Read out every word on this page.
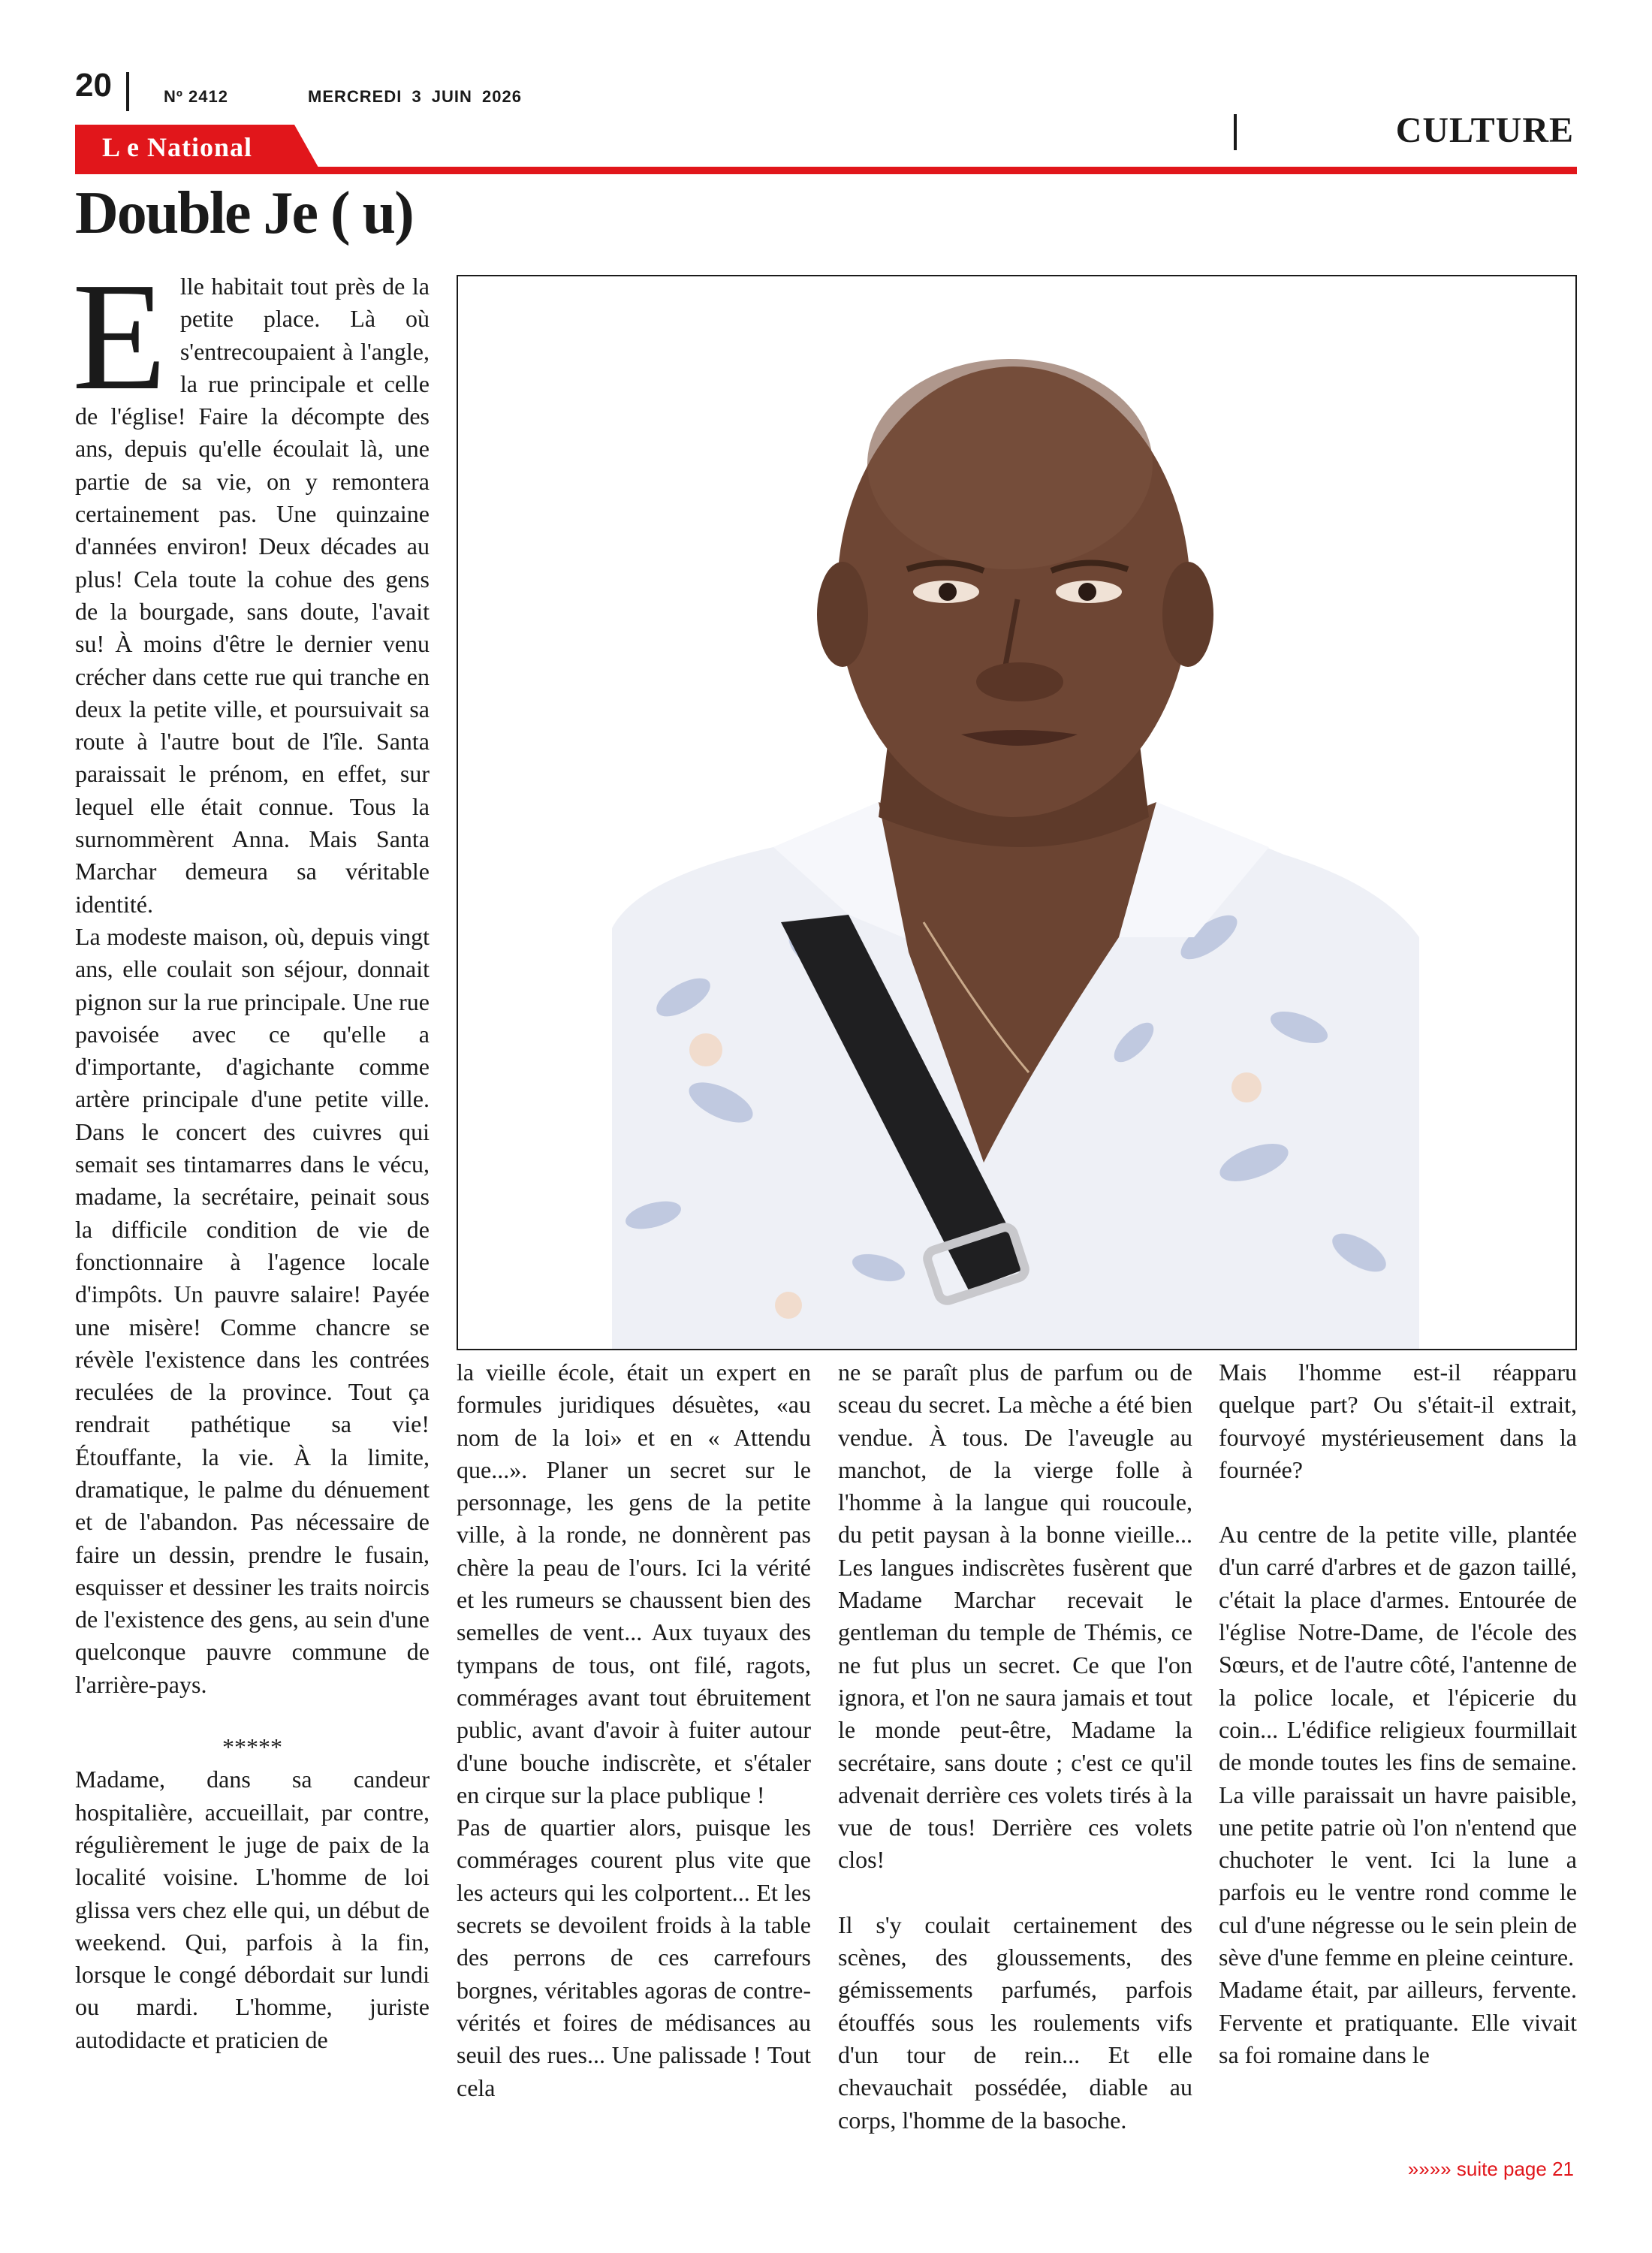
20	Nº 2412	MERCREDI 3 JUIN 2026
CULTURE
L e National
Double Je ( u)

Elle habitait tout près de la petite place. Là où s'entrecoupaient à l'angle, la rue principale et celle de l'église! Faire la décompte des ans, depuis qu'elle écoulait là, une partie de sa vie, on y remontera certainement pas. Une quinzaine d'années environ! Deux décades au plus! Cela toute la cohue des gens de la bourgade, sans doute, l'avait su! À moins d'être le dernier venu crécher dans cette rue qui tranche en deux la petite ville, et poursuivait sa route à l'autre bout de l'île. Santa paraissait le prénom, en effet, sur lequel elle était connue. Tous la surnommèrent Anna. Mais Santa Marchar demeura sa véritable identité.

La modeste maison, où, depuis vingt ans, elle coulait son séjour, donnait pignon sur la rue principale. Une rue pavoisée avec ce qu'elle a d'importante, d'agichante comme artère principale d'une petite ville. Dans le concert des cuivres qui semait ses tintamarres dans le vécu, madame, la secrétaire, peinait sous la difficile condition de vie de fonctionnaire à l'agence locale d'impôts. Un pauvre salaire! Payée une misère! Comme chancre se révèle l'existence dans les contrées reculées de la province. Tout ça rendrait pathétique sa vie! Étouffante, la vie. À la limite, dramatique, le palme du dénuement et de l'abandon. Pas nécessaire de faire un dessin, prendre le fusain, esquisser et dessiner les traits noircis de l'existence des gens, au sein d'une quelconque pauvre commune de l'arrière-pays.

*****

Madame, dans sa candeur hospitalière, accueillait, par contre, régulièrement le juge de paix de la localité voisine. L'homme de loi glissa vers chez elle qui, un début de weekend. Qui, parfois à la fin, lorsque le congé débordait sur lundi ou mardi. L'homme, juriste autodidacte et praticien de

la vieille école, était un expert en formules juridiques désuètes, «au nom de la loi» et en « Attendu que...». Planer un secret sur le personnage, les gens de la petite ville, à la ronde, ne donnèrent pas chère la peau de l'ours. Ici la vérité et les rumeurs se chaussent bien des semelles de vent... Aux tuyaux des tympans de tous, ont filé, ragots, commérages avant tout ébruitement public, avant d'avoir à fuiter autour d'une bouche indiscrète, et s'étaler en cirque sur la place publique !

Pas de quartier alors, puisque les commérages courent plus vite que les acteurs qui les colportent... Et les secrets se devoilent froids à la table des perrons de ces carrefours borgnes, véritables agoras de contre-vérités et foires de médisances au seuil des rues... Une palissade ! Tout cela

ne se paraît plus de parfum ou de sceau du secret. La mèche a été bien vendue. À tous. De l'aveugle au manchot, de la vierge folle à l'homme à la langue qui roucoule, du petit paysan à la bonne vieille... Les langues indiscrètes fusèrent que Madame Marchar recevait le gentleman du temple de Thémis, ce ne fut plus un secret. Ce que l'on ignora, et l'on ne saura jamais et tout le monde peut-être, Madame la secrétaire, sans doute ; c'est ce qu'il advenait derrière ces volets tirés à la vue de tous! Derrière ces volets clos!

Il s'y coulait certainement des scènes, des gloussements, des gémissements parfumés, parfois étouffés sous les roulements vifs d'un tour de rein... Et elle chevauchait possédée, diable au corps, l'homme de la basoche.

Mais l'homme est-il réapparu quelque part? Ou s'était-il extrait, fourvoyé mystérieusement dans la fournée?

Au centre de la petite ville, plantée d'un carré d'arbres et de gazon taillé, c'était la place d'armes. Entourée de l'église Notre-Dame, de l'école des Sœurs, et de l'autre côté, l'antenne de la police locale, et l'épicerie du coin... L'édifice religieux fourmillait de monde toutes les fins de semaine. La ville paraissait un havre paisible, une petite patrie où l'on n'entend que chuchoter le vent. Ici la lune a parfois eu le ventre rond comme le cul d'une négresse ou le sein plein de sève d'une femme en pleine ceinture.

Madame était, par ailleurs, fervente. Fervente et pratiquante. Elle vivait sa foi romaine dans le

»»»» suite page 21
